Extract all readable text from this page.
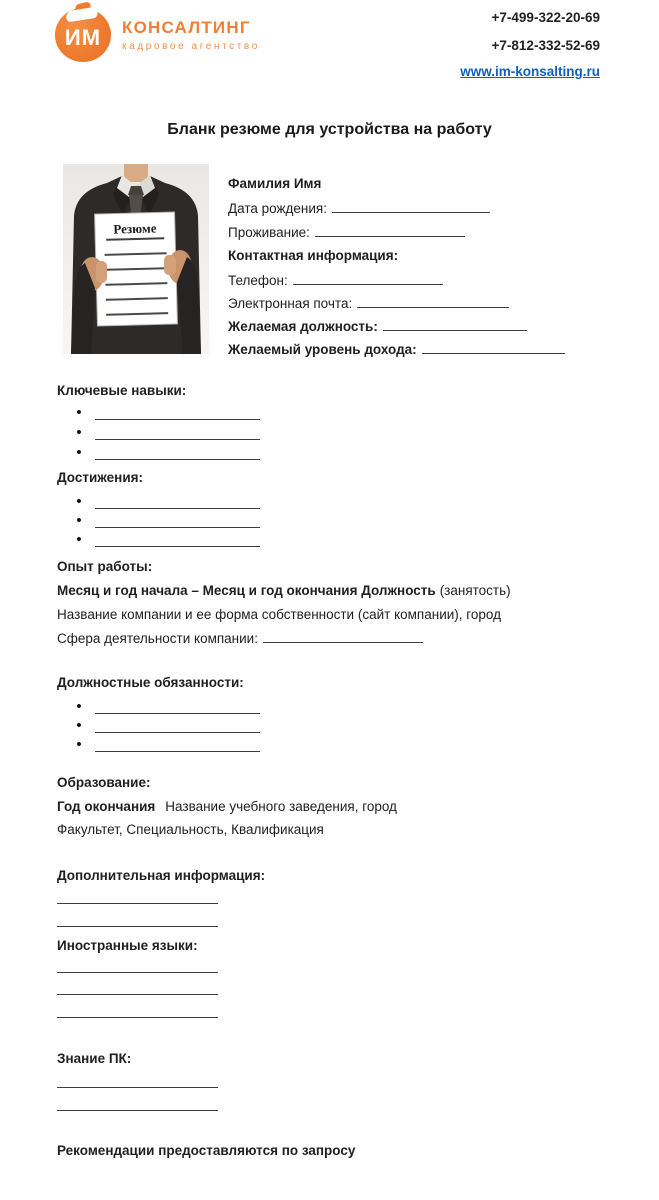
ИМ КОНСАЛТИНГ
кадровое агентство
+7-499-322-20-69
+7-812-332-52-69
www.im-konsalting.ru
Бланк резюме для устройства на работу
Резюме
Фамилия Имя
Дата рождения:
Проживание:
Контактная информация:
Телефон:
Электронная почта:
Желаемая должность:
Желаемый уровень дохода:
Ключевые навыки:
•
•
•
Достижения:
•
•
•
Опыт работы:
Месяц и год начала – Месяц и год окончания Должность (занятость)
Название компании и ее форма собственности (сайт компании), город
Сфера деятельности компании:
Должностные обязанности:
•
•
•
Образование:
Год окончания Название учебного заведения, город
Факультет, Специальность, Квалификация
Дополнительная информация:
Иностранные языки:
Знание ПК:
Рекомендации предоставляются по запросу
